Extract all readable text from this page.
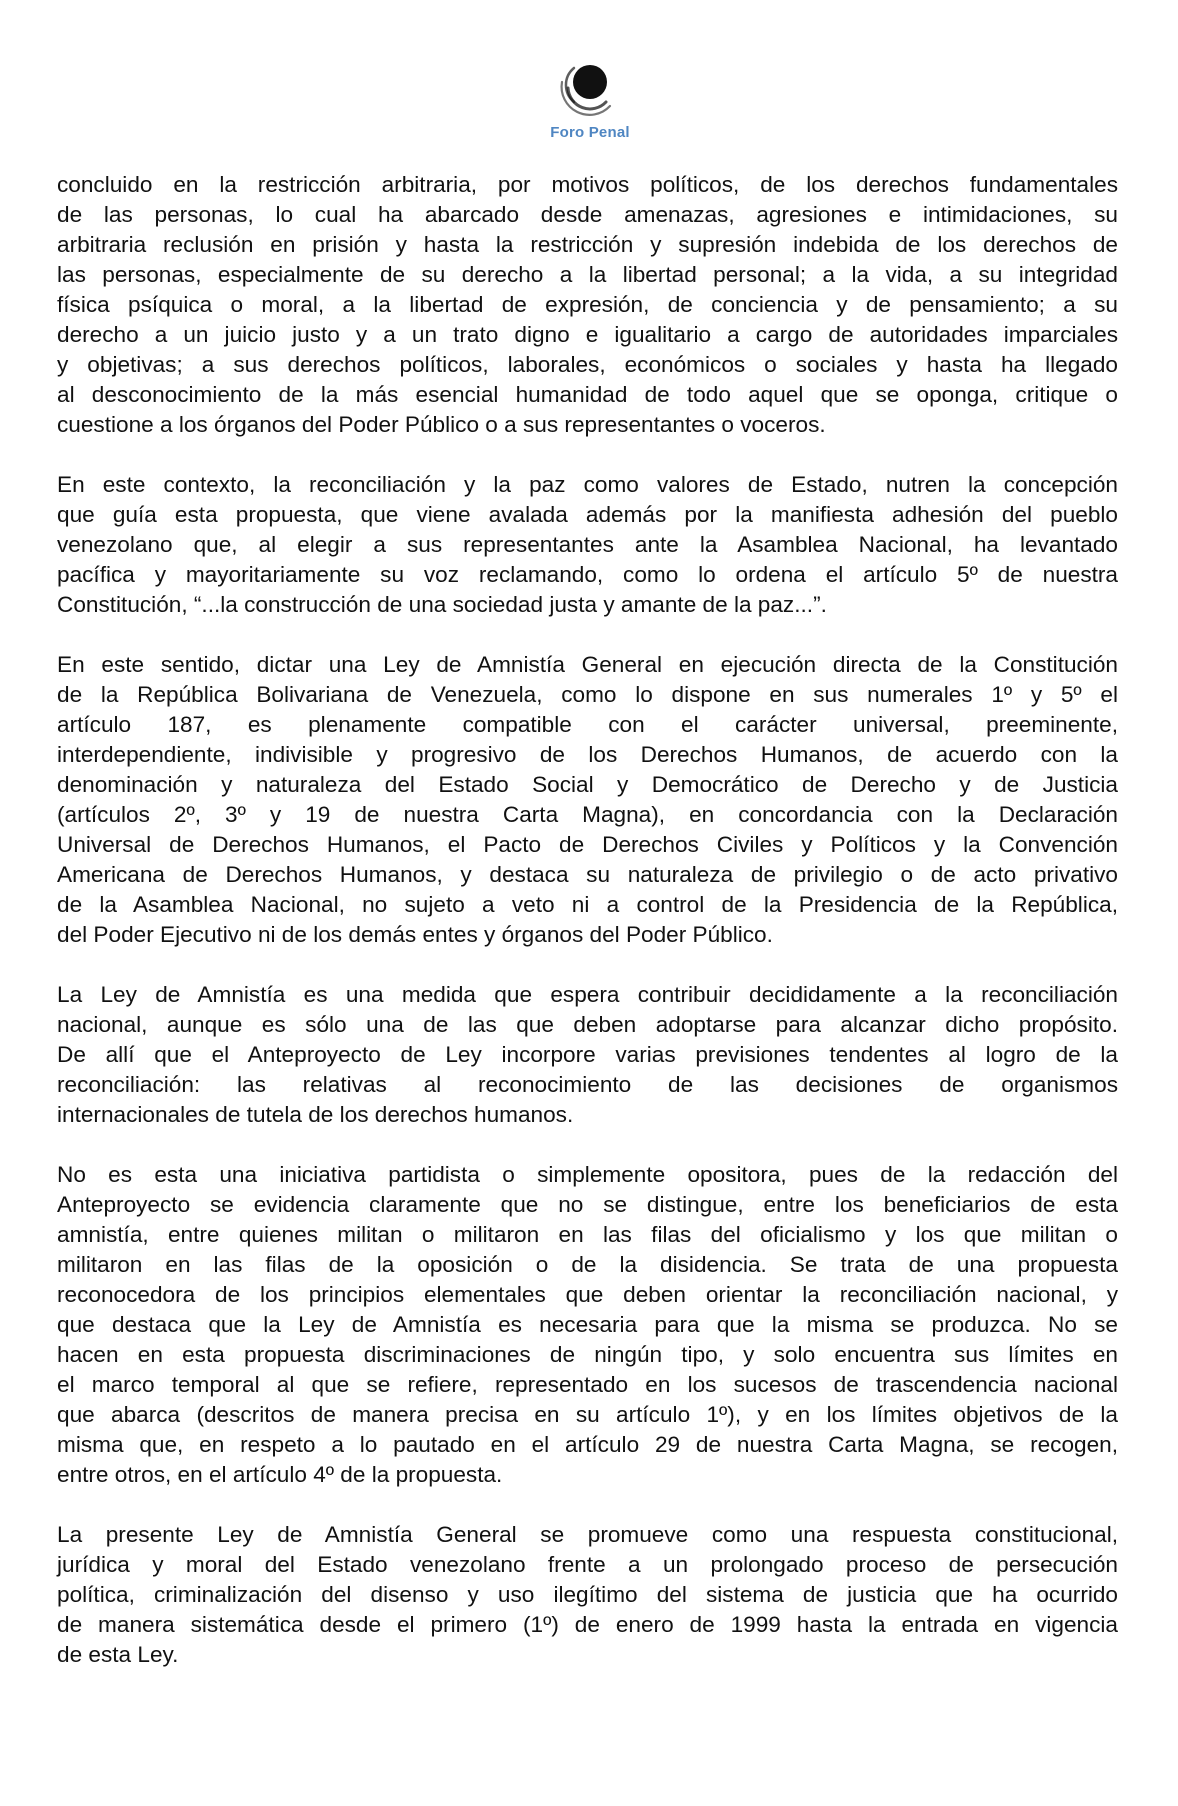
Foro Penal
concluido en la restricción arbitraria, por motivos políticos, de los derechos fundamentales
de las personas, lo cual ha abarcado desde amenazas, agresiones e intimidaciones, su
arbitraria reclusión en prisión y hasta la restricción y supresión indebida de los derechos de
las personas, especialmente de su derecho a la libertad personal; a la vida, a su integridad
física psíquica o moral, a la libertad de expresión, de conciencia y de pensamiento; a su
derecho a un juicio justo y a un trato digno e igualitario a cargo de autoridades imparciales
y objetivas; a sus derechos políticos, laborales, económicos o sociales y hasta ha llegado
al desconocimiento de la más esencial humanidad de todo aquel que se oponga, critique o
cuestione a los órganos del Poder Público o a sus representantes o voceros.
En este contexto, la reconciliación y la paz como valores de Estado, nutren la concepción
que guía esta propuesta, que viene avalada además por la manifiesta adhesión del pueblo
venezolano que, al elegir a sus representantes ante la Asamblea Nacional, ha levantado
pacífica y mayoritariamente su voz reclamando, como lo ordena el artículo 5º de nuestra
Constitución, “...la construcción de una sociedad justa y amante de la paz...”.
En este sentido, dictar una Ley de Amnistía General en ejecución directa de la Constitución
de la República Bolivariana de Venezuela, como lo dispone en sus numerales 1º y 5º el
artículo 187, es plenamente compatible con el carácter universal, preeminente,
interdependiente, indivisible y progresivo de los Derechos Humanos, de acuerdo con la
denominación y naturaleza del Estado Social y Democrático de Derecho y de Justicia
(artículos 2º, 3º y 19 de nuestra Carta Magna), en concordancia con la Declaración
Universal de Derechos Humanos, el Pacto de Derechos Civiles y Políticos y la Convención
Americana de Derechos Humanos, y destaca su naturaleza de privilegio o de acto privativo
de la Asamblea Nacional, no sujeto a veto ni a control de la Presidencia de la República,
del Poder Ejecutivo ni de los demás entes y órganos del Poder Público.
La Ley de Amnistía es una medida que espera contribuir decididamente a la reconciliación
nacional, aunque es sólo una de las que deben adoptarse para alcanzar dicho propósito.
De allí que el Anteproyecto de Ley incorpore varias previsiones tendentes al logro de la
reconciliación: las relativas al reconocimiento de las decisiones de organismos
internacionales de tutela de los derechos humanos.
No es esta una iniciativa partidista o simplemente opositora, pues de la redacción del
Anteproyecto se evidencia claramente que no se distingue, entre los beneficiarios de esta
amnistía, entre quienes militan o militaron en las filas del oficialismo y los que militan o
militaron en las filas de la oposición o de la disidencia. Se trata de una propuesta
reconocedora de los principios elementales que deben orientar la reconciliación nacional, y
que destaca que la Ley de Amnistía es necesaria para que la misma se produzca. No se
hacen en esta propuesta discriminaciones de ningún tipo, y solo encuentra sus límites en
el marco temporal al que se refiere, representado en los sucesos de trascendencia nacional
que abarca (descritos de manera precisa en su artículo 1º), y en los límites objetivos de la
misma que, en respeto a lo pautado en el artículo 29 de nuestra Carta Magna, se recogen,
entre otros, en el artículo 4º de la propuesta.
La presente Ley de Amnistía General se promueve como una respuesta constitucional,
jurídica y moral del Estado venezolano frente a un prolongado proceso de persecución
política, criminalización del disenso y uso ilegítimo del sistema de justicia que ha ocurrido
de manera sistemática desde el primero (1º) de enero de 1999 hasta la entrada en vigencia
de esta Ley.
